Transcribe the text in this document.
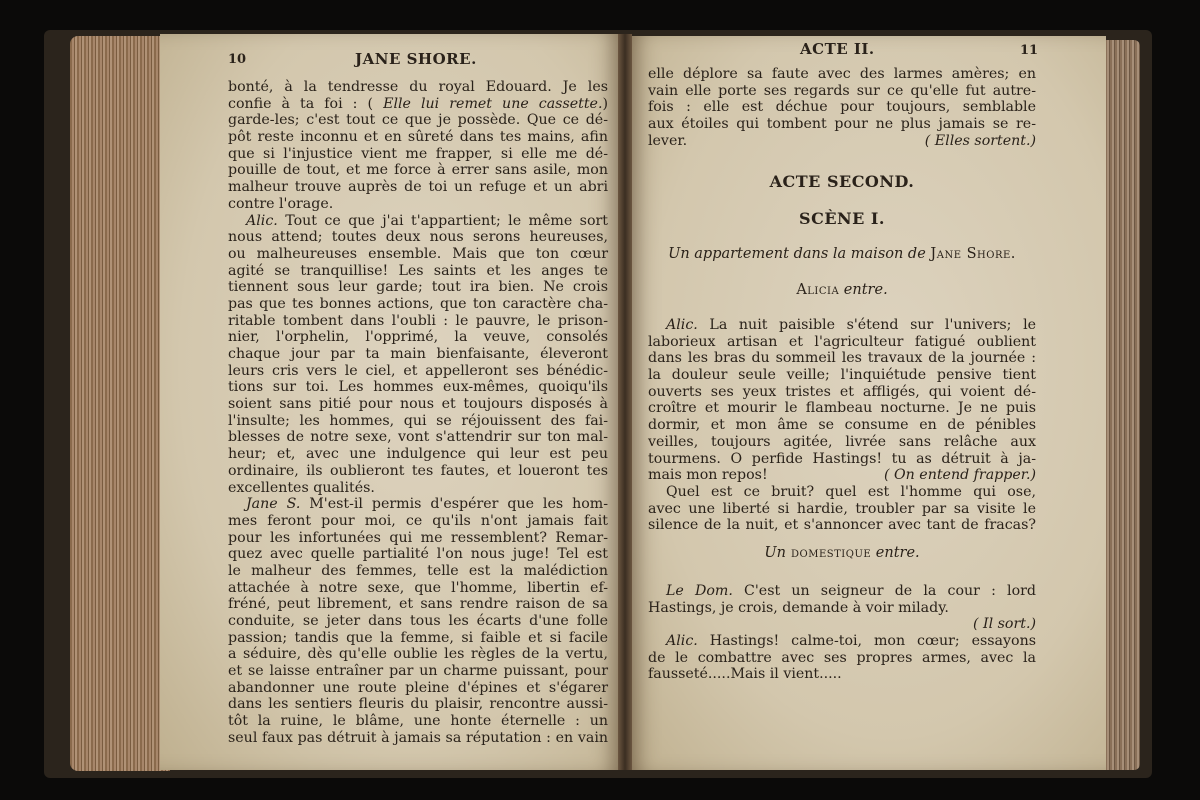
10	JANE SHORE.
bonté, à la tendresse du royal Edouard. Je les
confie à ta foi : ( Elle lui remet une cassette.)
garde-les; c'est tout ce que je possède. Que ce dé-
pôt reste inconnu et en sûreté dans tes mains, afin
que si l'injustice vient me frapper, si elle me dé-
pouille de tout, et me force à errer sans asile, mon
malheur trouve auprès de toi un refuge et un abri
contre l'orage.
Alic. Tout ce que j'ai t'appartient; le même sort
nous attend; toutes deux nous serons heureuses,
ou malheureuses ensemble. Mais que ton cœur
agité se tranquillise! Les saints et les anges te
tiennent sous leur garde; tout ira bien. Ne crois
pas que tes bonnes actions, que ton caractère cha-
ritable tombent dans l'oubli : le pauvre, le prison-
nier, l'orphelin, l'opprimé, la veuve, consolés
chaque jour par ta main bienfaisante, éleveront
leurs cris vers le ciel, et appelleront ses bénédic-
tions sur toi. Les hommes eux-mêmes, quoiqu'ils
soient sans pitié pour nous et toujours disposés à
l'insulte; les hommes, qui se réjouissent des fai-
blesses de notre sexe, vont s'attendrir sur ton mal-
heur; et, avec une indulgence qui leur est peu
ordinaire, ils oublieront tes fautes, et loueront tes
excellentes qualités.
Jane S. M'est-il permis d'espérer que les hom-
mes feront pour moi, ce qu'ils n'ont jamais fait
pour les infortunées qui me ressemblent? Remar-
quez avec quelle partialité l'on nous juge! Tel est
le malheur des femmes, telle est la malédiction
attachée à notre sexe, que l'homme, libertin ef-
fréné, peut librement, et sans rendre raison de sa
conduite, se jeter dans tous les écarts d'une folle
passion; tandis que la femme, si faible et si facile
a séduire, dès qu'elle oublie les règles de la vertu,
et se laisse entraîner par un charme puissant, pour
abandonner une route pleine d'épines et s'égarer
dans les sentiers fleuris du plaisir, rencontre aussi-
tôt la ruine, le blâme, une honte éternelle : un
seul faux pas détruit à jamais sa réputation : en vain
ACTE II.	11
elle déplore sa faute avec des larmes amères; en
vain elle porte ses regards sur ce qu'elle fut autre-
fois : elle est déchue pour toujours, semblable
aux étoiles qui tombent pour ne plus jamais se re-
lever.	( Elles sortent.)
ACTE SECOND.
SCÈNE I.
Un appartement dans la maison de Jane Shore.
Alicia entre.
Alic. La nuit paisible s'étend sur l'univers; le
laborieux artisan et l'agriculteur fatigué oublient
dans les bras du sommeil les travaux de la journée :
la douleur seule veille; l'inquiétude pensive tient
ouverts ses yeux tristes et affligés, qui voient dé-
croître et mourir le flambeau nocturne. Je ne puis
dormir, et mon âme se consume en de pénibles
veilles, toujours agitée, livrée sans relâche aux
tourmens. O perfide Hastings! tu as détruit à ja-
mais mon repos!	( On entend frapper.)
Quel est ce bruit? quel est l'homme qui ose,
avec une liberté si hardie, troubler par sa visite le
silence de la nuit, et s'annoncer avec tant de fracas?
Un domestique entre.
Le Dom. C'est un seigneur de la cour : lord
Hastings, je crois, demande à voir milady.
( Il sort.)
Alic. Hastings! calme-toi, mon cœur; essayons
de le combattre avec ses propres armes, avec la
fausseté.....Mais il vient.....
